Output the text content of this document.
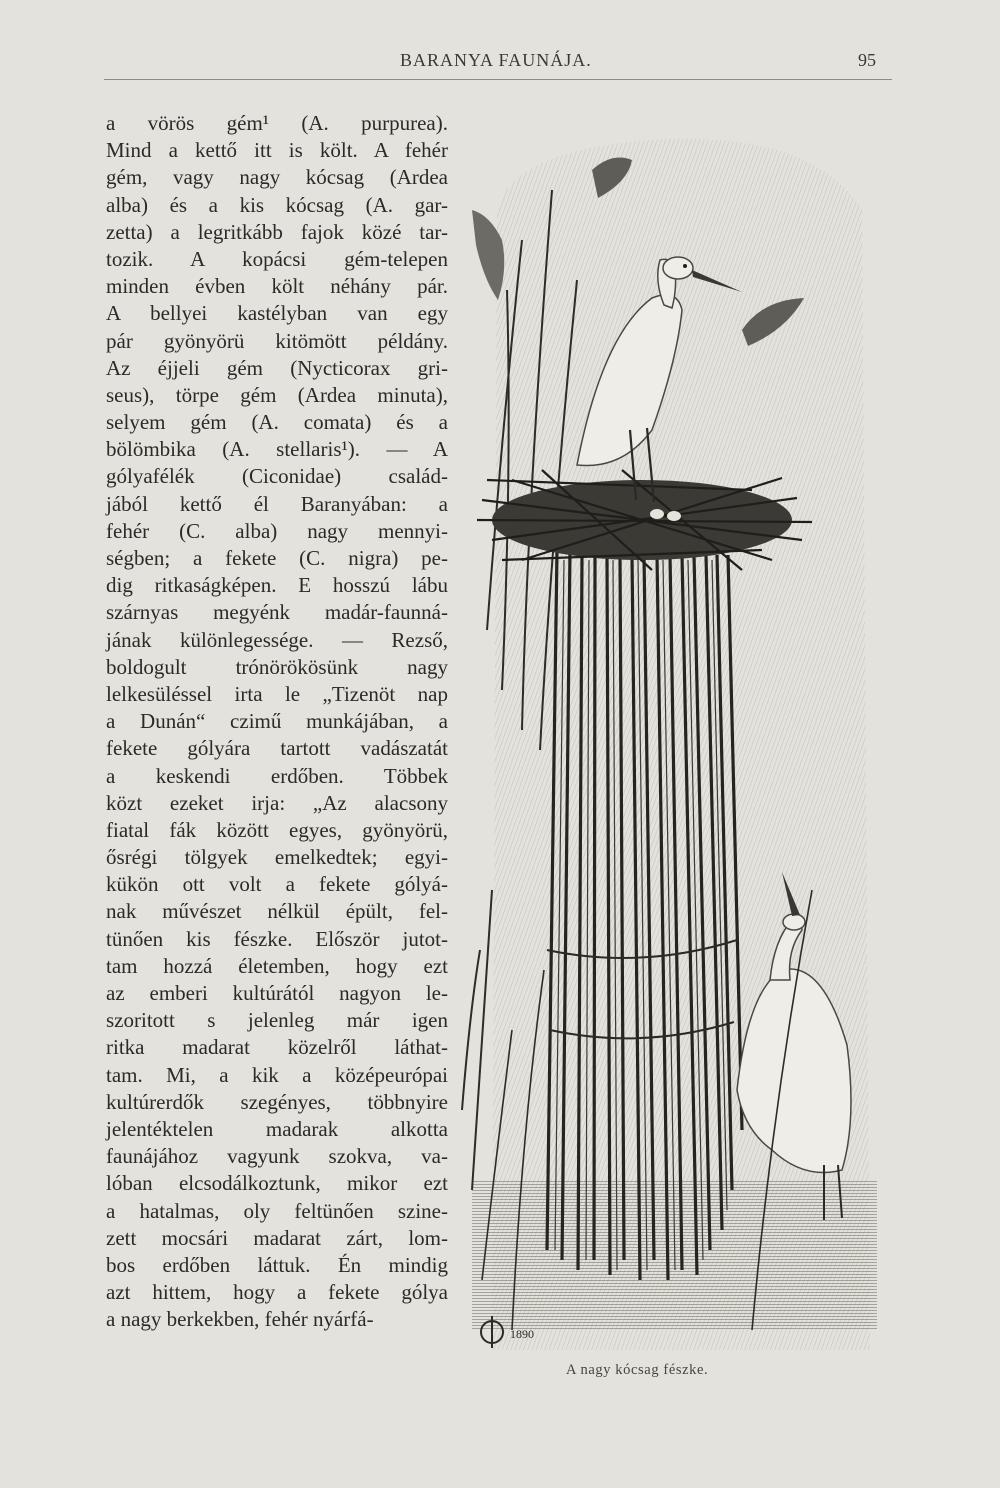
BARANYA FAUNÁJA.	95
a vörös gém¹ (A. purpurea).
Mind a kettő itt is költ. A fehér
gém, vagy nagy kócsag (Ardea
alba) és a kis kócsag (A. gar-
zetta) a legritkább fajok közé tar-
tozik. A kopácsi gém-telepen
minden évben költ néhány pár.
A bellyei kastélyban van egy
pár gyönyörü kitömött példány.
Az éjjeli gém (Nycticorax gri-
seus), törpe gém (Ardea minuta),
selyem gém (A. comata) és a
bölömbika (A. stellaris¹). — A
gólyafélék (Ciconidae) család-
jából kettő él Baranyában: a
fehér (C. alba) nagy mennyi-
ségben; a fekete (C. nigra) pe-
dig ritkaságképen. E hosszú lábu
szárnyas megyénk madár-faunná-
jának különlegessége. — Rezső,
boldogult trónörökösünk nagy
lelkesüléssel irta le „Tizenöt nap
a Dunán“ czimű munkájában, a
fekete gólyára tartott vadászatát
a keskendi erdőben. Többek
közt ezeket irja: „Az alacsony
fiatal fák között egyes, gyönyörü,
ősrégi tölgyek emelkedtek; egyi-
kükön ott volt a fekete gólyá-
nak művészet nélkül épült, fel-
tünően kis fészke. Először jutot-
tam hozzá életemben, hogy ezt
az emberi kultúrától nagyon le-
szoritott s jelenleg már igen
ritka madarat közelről láthat-
tam. Mi, a kik a középeurópai
kultúrerdők szegényes, többnyire
jelentéktelen madarak alkotta
faunájához vagyunk szokva, va-
lóban elcsodálkoztunk, mikor ezt
a hatalmas, oly feltünően szine-
zett mocsári madarat zárt, lom-
bos erdőben láttuk. Én mindig
azt hittem, hogy a fekete gólya
a nagy berkekben, fehér nyárfá-
1890
A nagy kócsag fészke.
